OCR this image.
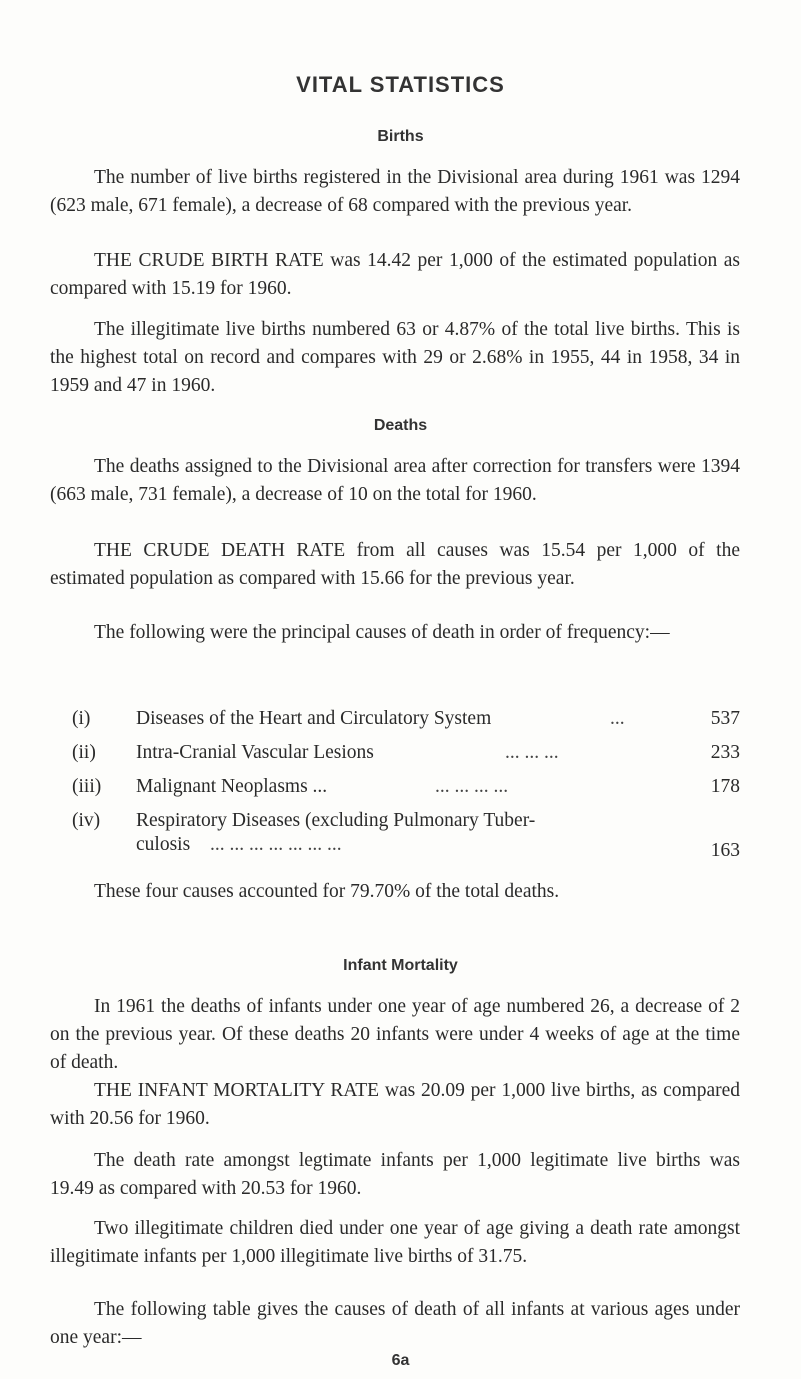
VITAL STATISTICS
Births

The number of live births registered in the Divisional area during 1961 was 1294 (623 male, 671 female), a decrease of 68 compared with the previous year.

THE CRUDE BIRTH RATE was 14.42 per 1,000 of the estimated population as compared with 15.19 for 1960.

The illegitimate live births numbered 63 or 4.87% of the total live births. This is the highest total on record and compares with 29 or 2.68% in 1955, 44 in 1958, 34 in 1959 and 47 in 1960.

Deaths

The deaths assigned to the Divisional area after correction for transfers were 1394 (663 male, 731 female), a decrease of 10 on the total for 1960.

THE CRUDE DEATH RATE from all causes was 15.54 per 1,000 of the estimated population as compared with 15.66 for the previous year.

The following were the principal causes of death in order of frequency:—

(i) Diseases of the Heart and Circulatory System	...	537
(ii) Intra-Cranial Vascular Lesions	... ... ...	233
(iii) Malignant Neoplasms ...	... ... ... ...	178
(iv) Respiratory Diseases (excluding Pulmonary Tuber-
culosis ... ... ... ... ... ... ...	163

These four causes accounted for 79.70% of the total deaths.

Infant Mortality

In 1961 the deaths of infants under one year of age numbered 26, a decrease of 2 on the previous year. Of these deaths 20 infants were under 4 weeks of age at the time of death.

THE INFANT MORTALITY RATE was 20.09 per 1,000 live births, as compared with 20.56 for 1960.

The death rate amongst legtimate infants per 1,000 legitimate live births was 19.49 as compared with 20.53 for 1960.

Two illegitimate children died under one year of age giving a death rate amongst illegitimate infants per 1,000 illegitimate live births of 31.75.

The following table gives the causes of death of all infants at various ages under one year:—

6a
